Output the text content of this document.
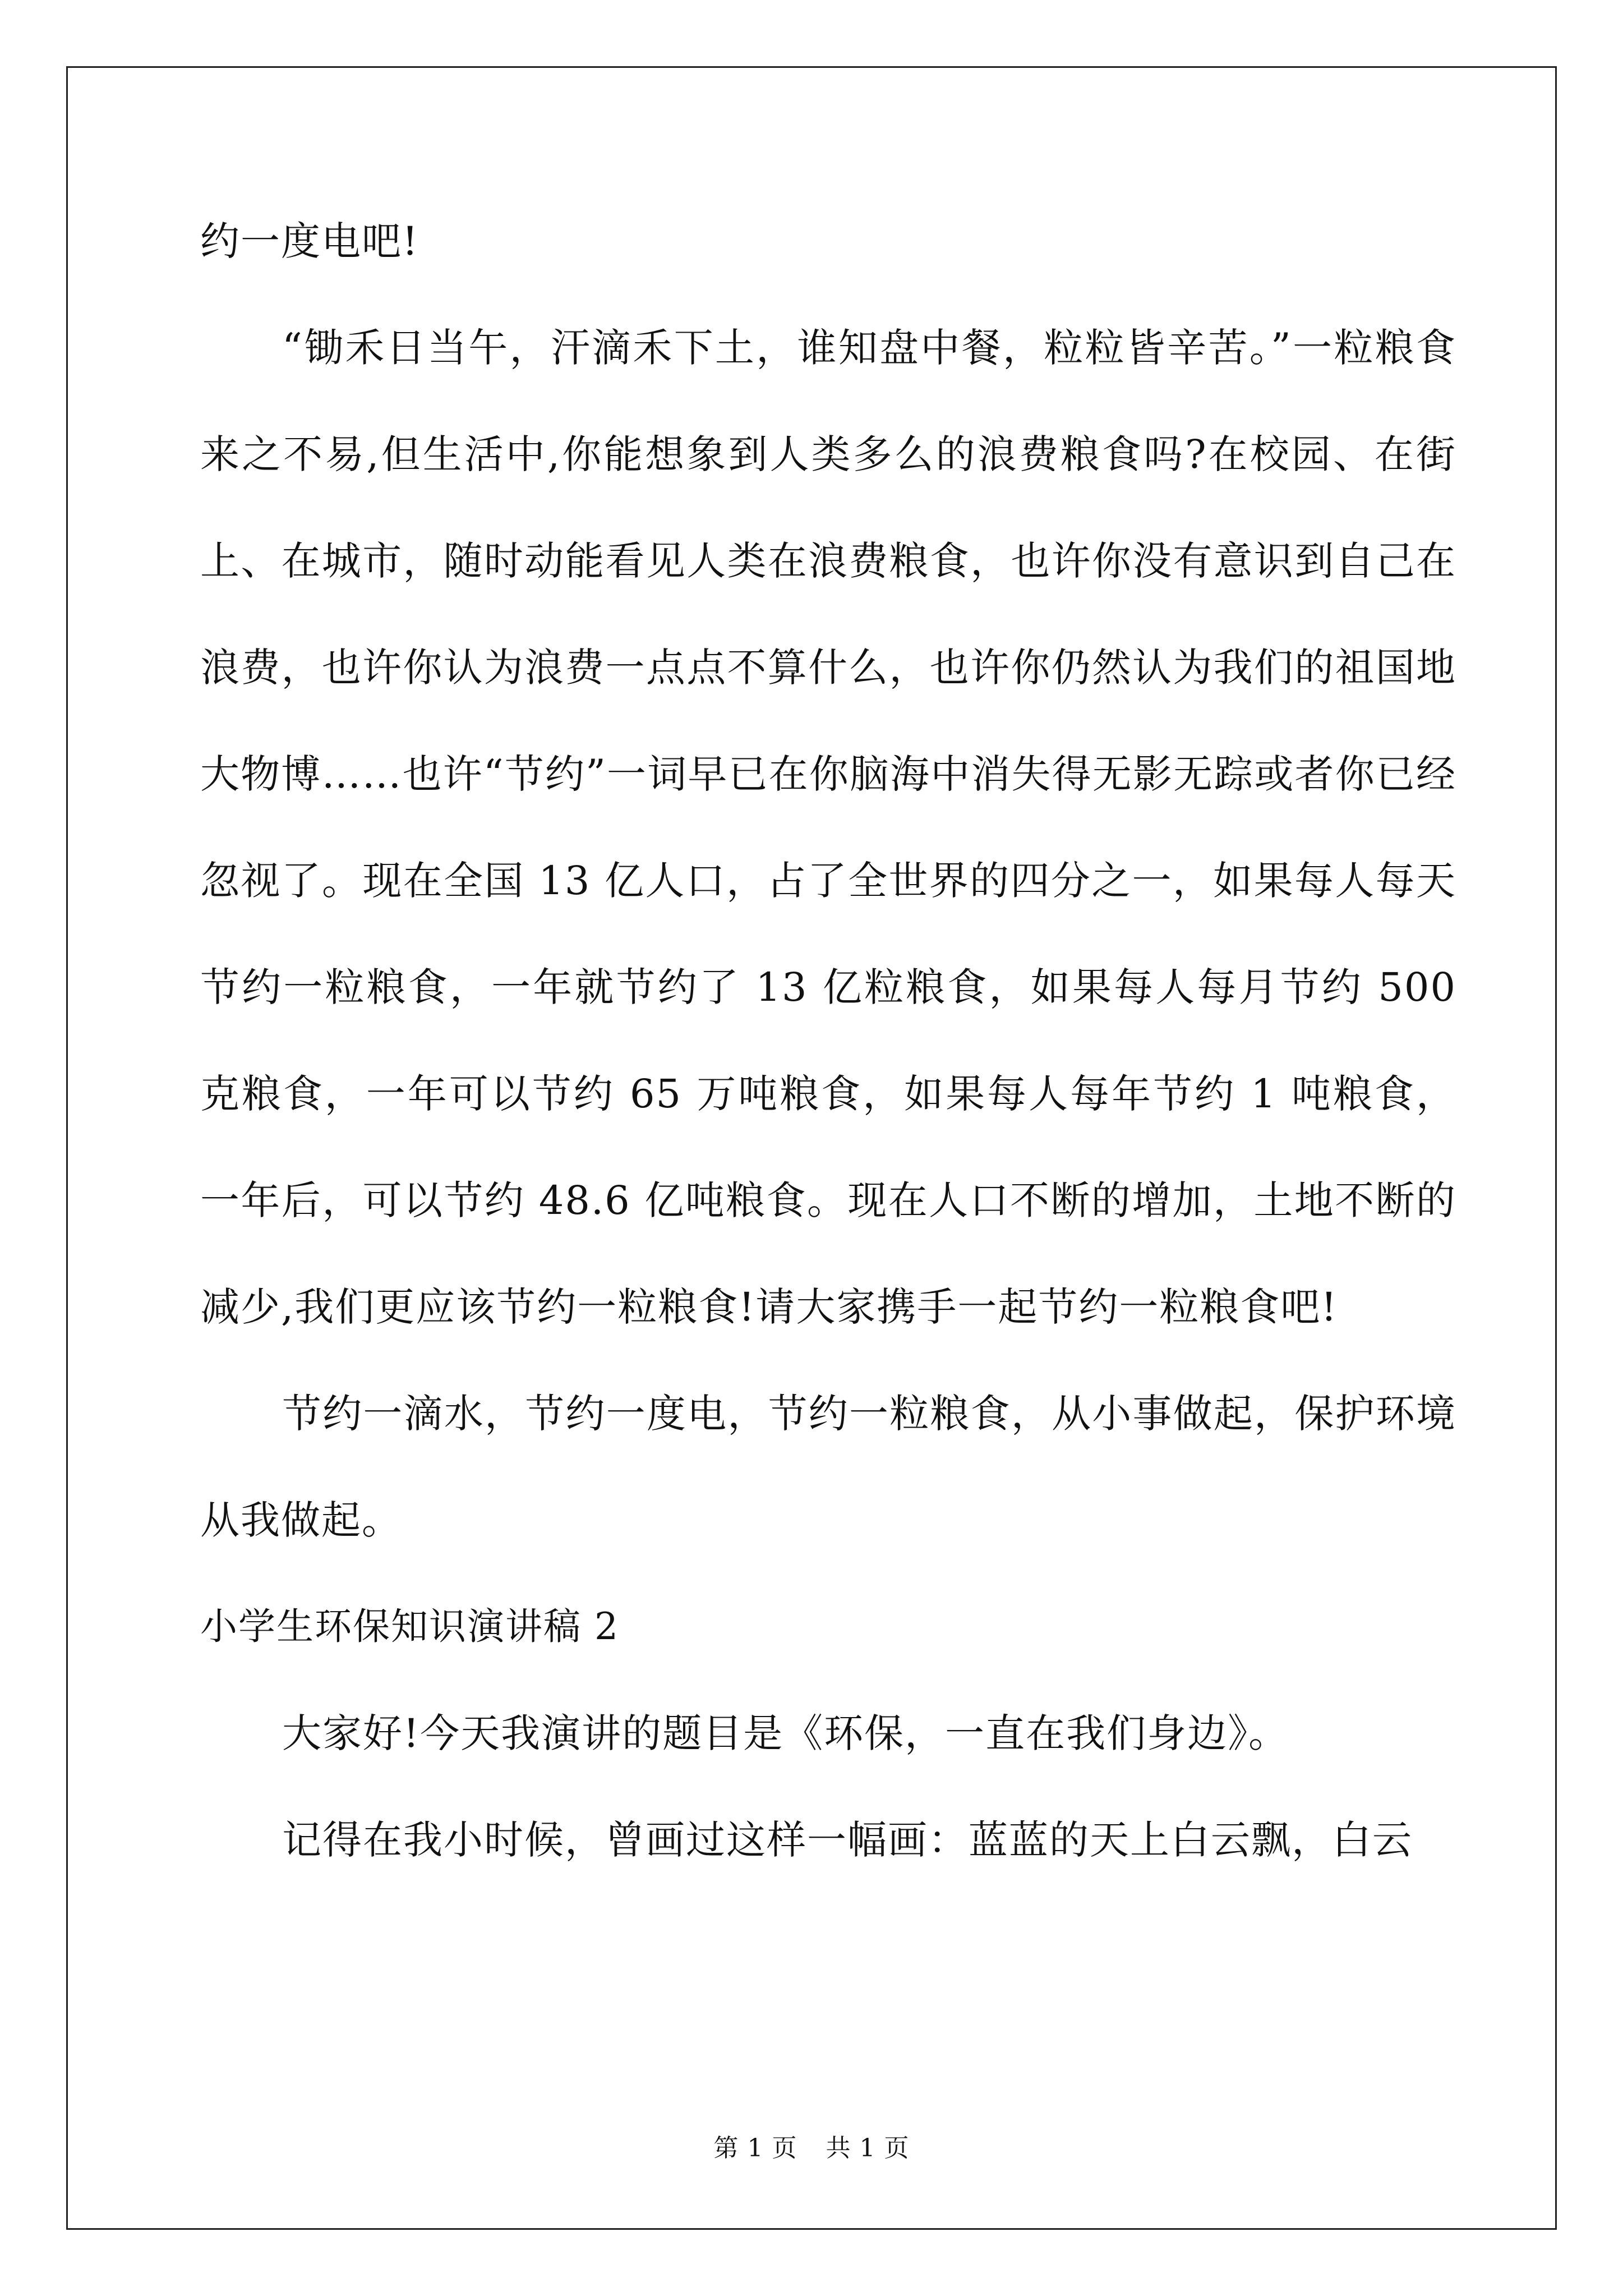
约一度电吧!

“锄禾日当午，汗滴禾下土，谁知盘中餐，粒粒皆辛苦。”一粒粮食来之不易,但生活中,你能想象到人类多么的浪费粮食吗?在校园、在街上、在城市，随时动能看见人类在浪费粮食，也许你没有意识到自己在浪费，也许你认为浪费一点点不算什么，也许你仍然认为我们的祖国地大物博……也许“节约”一词早已在你脑海中消失得无影无踪或者你已经忽视了。现在全国 13 亿人口，占了全世界的四分之一，如果每人每天节约一粒粮食，一年就节约了 13 亿粒粮食，如果每人每月节约 500 克粮食，一年可以节约 65 万吨粮食，如果每人每年节约 1 吨粮食，一年后，可以节约 48.6 亿吨粮食。现在人口不断的增加，土地不断的减少,我们更应该节约一粒粮食!请大家携手一起节约一粒粮食吧!

节约一滴水，节约一度电，节约一粒粮食，从小事做起，保护环境从我做起。

小学生环保知识演讲稿 2

大家好!今天我演讲的题目是《环保，一直在我们身边》。

记得在我小时候，曾画过这样一幅画：蓝蓝的天上白云飘，白云

第 1 页 共 1 页
